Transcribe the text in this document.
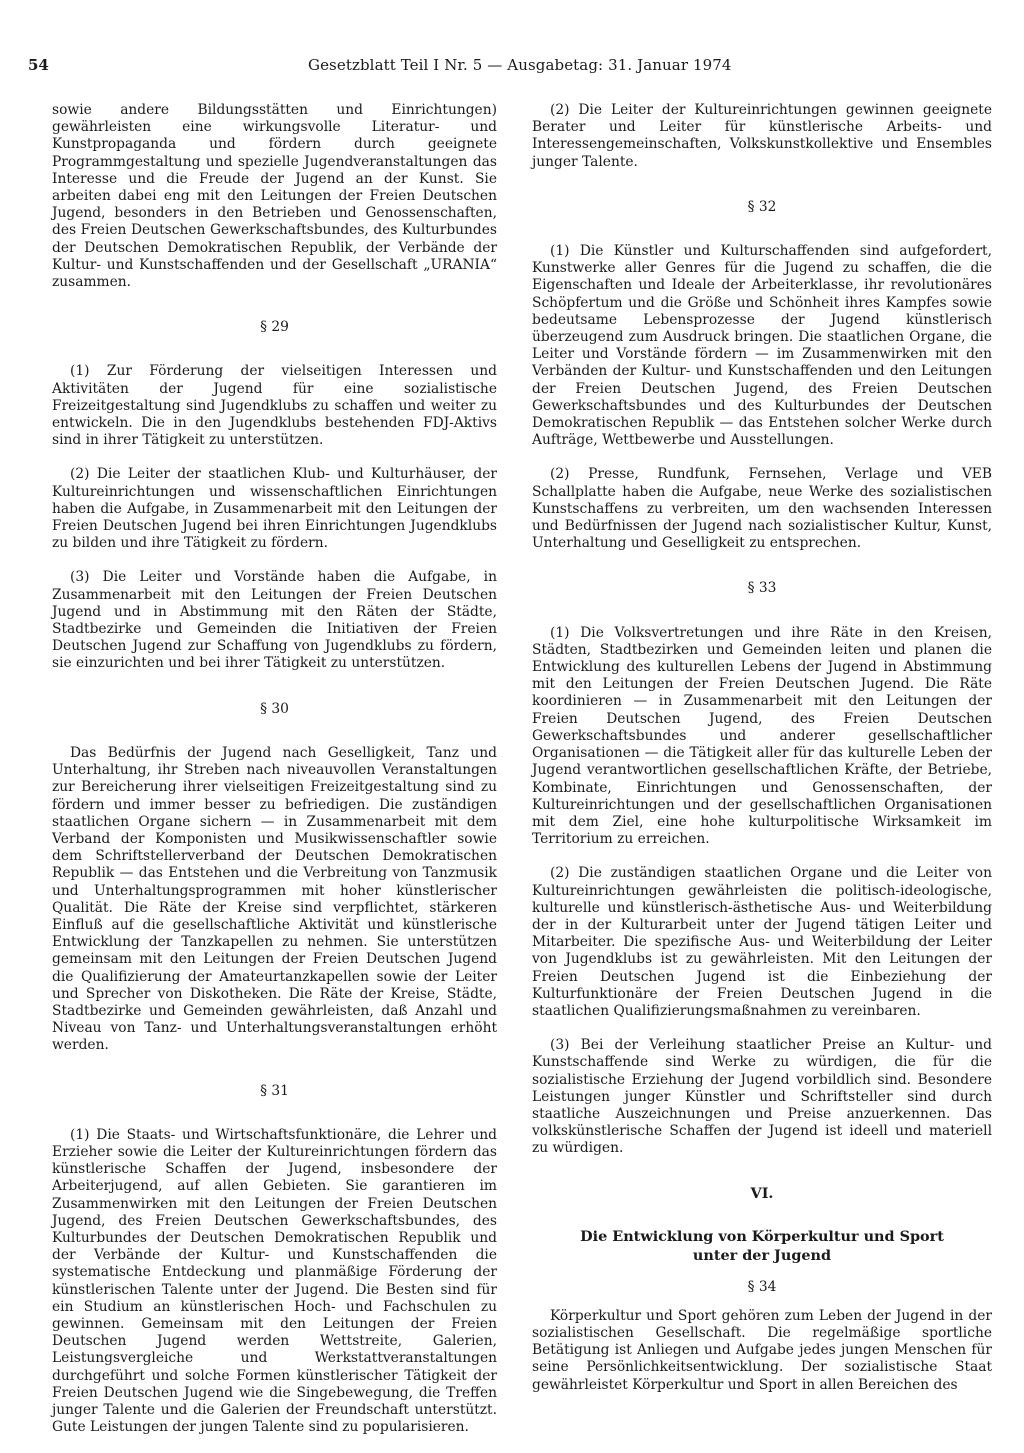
54	Gesetzblatt Teil I Nr. 5 — Ausgabetag: 31. Januar 1974

sowie andere Bildungsstätten und Einrichtungen) gewährleisten eine wirkungsvolle Literatur- und Kunstpropaganda und fördern durch geeignete Programmgestaltung und spezielle Jugendveranstaltungen das Interesse und die Freude der Jugend an der Kunst. Sie arbeiten dabei eng mit den Leitungen der Freien Deutschen Jugend, besonders in den Betrieben und Genossenschaften, des Freien Deutschen Gewerkschaftsbundes, des Kulturbundes der Deutschen Demokratischen Republik, der Verbände der Kultur- und Kunstschaffenden und der Gesellschaft „URANIA“ zusammen.

§ 29

(1) Zur Förderung der vielseitigen Interessen und Aktivitäten der Jugend für eine sozialistische Freizeitgestaltung sind Jugendklubs zu schaffen und weiter zu entwickeln. Die in den Jugendklubs bestehenden FDJ-Aktivs sind in ihrer Tätigkeit zu unterstützen.

(2) Die Leiter der staatlichen Klub- und Kulturhäuser, der Kultureinrichtungen und wissenschaftlichen Einrichtungen haben die Aufgabe, in Zusammenarbeit mit den Leitungen der Freien Deutschen Jugend bei ihren Einrichtungen Jugendklubs zu bilden und ihre Tätigkeit zu fördern.

(3) Die Leiter und Vorstände haben die Aufgabe, in Zusammenarbeit mit den Leitungen der Freien Deutschen Jugend und in Abstimmung mit den Räten der Städte, Stadtbezirke und Gemeinden die Initiativen der Freien Deutschen Jugend zur Schaffung von Jugendklubs zu fördern, sie einzurichten und bei ihrer Tätigkeit zu unterstützen.

§ 30

Das Bedürfnis der Jugend nach Geselligkeit, Tanz und Unterhaltung, ihr Streben nach niveauvollen Veranstaltungen zur Bereicherung ihrer vielseitigen Freizeitgestaltung sind zu fördern und immer besser zu befriedigen. Die zuständigen staatlichen Organe sichern — in Zusammenarbeit mit dem Verband der Komponisten und Musikwissenschaftler sowie dem Schriftstellerverband der Deutschen Demokratischen Republik — das Entstehen und die Verbreitung von Tanzmusik und Unterhaltungsprogrammen mit hoher künstlerischer Qualität. Die Räte der Kreise sind verpflichtet, stärkeren Einfluß auf die gesellschaftliche Aktivität und künstlerische Entwicklung der Tanzkapellen zu nehmen. Sie unterstützen gemeinsam mit den Leitungen der Freien Deutschen Jugend die Qualifizierung der Amateurtanzkapellen sowie der Leiter und Sprecher von Diskotheken. Die Räte der Kreise, Städte, Stadtbezirke und Gemeinden gewährleisten, daß Anzahl und Niveau von Tanz- und Unterhaltungsveranstaltungen erhöht werden.

§ 31

(1) Die Staats- und Wirtschaftsfunktionäre, die Lehrer und Erzieher sowie die Leiter der Kultureinrichtungen fördern das künstlerische Schaffen der Jugend, insbesondere der Arbeiterjugend, auf allen Gebieten. Sie garantieren im Zusammenwirken mit den Leitungen der Freien Deutschen Jugend, des Freien Deutschen Gewerkschaftsbundes, des Kulturbundes der Deutschen Demokratischen Republik und der Verbände der Kultur- und Kunstschaffenden die systematische Entdeckung und planmäßige Förderung der künstlerischen Talente unter der Jugend. Die Besten sind für ein Studium an künstlerischen Hoch- und Fachschulen zu gewinnen. Gemeinsam mit den Leitungen der Freien Deutschen Jugend werden Wettstreite, Galerien, Leistungsvergleiche und Werkstattveranstaltungen durchgeführt und solche Formen künstlerischer Tätigkeit der Freien Deutschen Jugend wie die Singebewegung, die Treffen junger Talente und die Galerien der Freundschaft unterstützt. Gute Leistungen der jungen Talente sind zu popularisieren.

(2) Die Leiter der Kultureinrichtungen gewinnen geeignete Berater und Leiter für künstlerische Arbeits- und Interessengemeinschaften, Volkskunstkollektive und Ensembles junger Talente.

§ 32

(1) Die Künstler und Kulturschaffenden sind aufgefordert, Kunstwerke aller Genres für die Jugend zu schaffen, die die Eigenschaften und Ideale der Arbeiterklasse, ihr revolutionäres Schöpfertum und die Größe und Schönheit ihres Kampfes sowie bedeutsame Lebensprozesse der Jugend künstlerisch überzeugend zum Ausdruck bringen. Die staatlichen Organe, die Leiter und Vorstände fördern — im Zusammenwirken mit den Verbänden der Kultur- und Kunstschaffenden und den Leitungen der Freien Deutschen Jugend, des Freien Deutschen Gewerkschaftsbundes und des Kulturbundes der Deutschen Demokratischen Republik — das Entstehen solcher Werke durch Aufträge, Wettbewerbe und Ausstellungen.

(2) Presse, Rundfunk, Fernsehen, Verlage und VEB Schallplatte haben die Aufgabe, neue Werke des sozialistischen Kunstschaffens zu verbreiten, um den wachsenden Interessen und Bedürfnissen der Jugend nach sozialistischer Kultur, Kunst, Unterhaltung und Geselligkeit zu entsprechen.

§ 33

(1) Die Volksvertretungen und ihre Räte in den Kreisen, Städten, Stadtbezirken und Gemeinden leiten und planen die Entwicklung des kulturellen Lebens der Jugend in Abstimmung mit den Leitungen der Freien Deutschen Jugend. Die Räte koordinieren — in Zusammenarbeit mit den Leitungen der Freien Deutschen Jugend, des Freien Deutschen Gewerkschaftsbundes und anderer gesellschaftlicher Organisationen — die Tätigkeit aller für das kulturelle Leben der Jugend verantwortlichen gesellschaftlichen Kräfte, der Betriebe, Kombinate, Einrichtungen und Genossenschaften, der Kultureinrichtungen und der gesellschaftlichen Organisationen mit dem Ziel, eine hohe kulturpolitische Wirksamkeit im Territorium zu erreichen.

(2) Die zuständigen staatlichen Organe und die Leiter von Kultureinrichtungen gewährleisten die politisch-ideologische, kulturelle und künstlerisch-ästhetische Aus- und Weiterbildung der in der Kulturarbeit unter der Jugend tätigen Leiter und Mitarbeiter. Die spezifische Aus- und Weiterbildung der Leiter von Jugendklubs ist zu gewährleisten. Mit den Leitungen der Freien Deutschen Jugend ist die Einbeziehung der Kulturfunktionäre der Freien Deutschen Jugend in die staatlichen Qualifizierungsmaßnahmen zu vereinbaren.

(3) Bei der Verleihung staatlicher Preise an Kultur- und Kunstschaffende sind Werke zu würdigen, die für die sozialistische Erziehung der Jugend vorbildlich sind. Besondere Leistungen junger Künstler und Schriftsteller sind durch staatliche Auszeichnungen und Preise anzuerkennen. Das volkskünstlerische Schaffen der Jugend ist ideell und materiell zu würdigen.

VI.
Die Entwicklung von Körperkultur und Sport
unter der Jugend
§ 34

Körperkultur und Sport gehören zum Leben der Jugend in der sozialistischen Gesellschaft. Die regelmäßige sportliche Betätigung ist Anliegen und Aufgabe jedes jungen Menschen für seine Persönlichkeitsentwicklung. Der sozialistische Staat gewährleistet Körperkultur und Sport in allen Bereichen des
